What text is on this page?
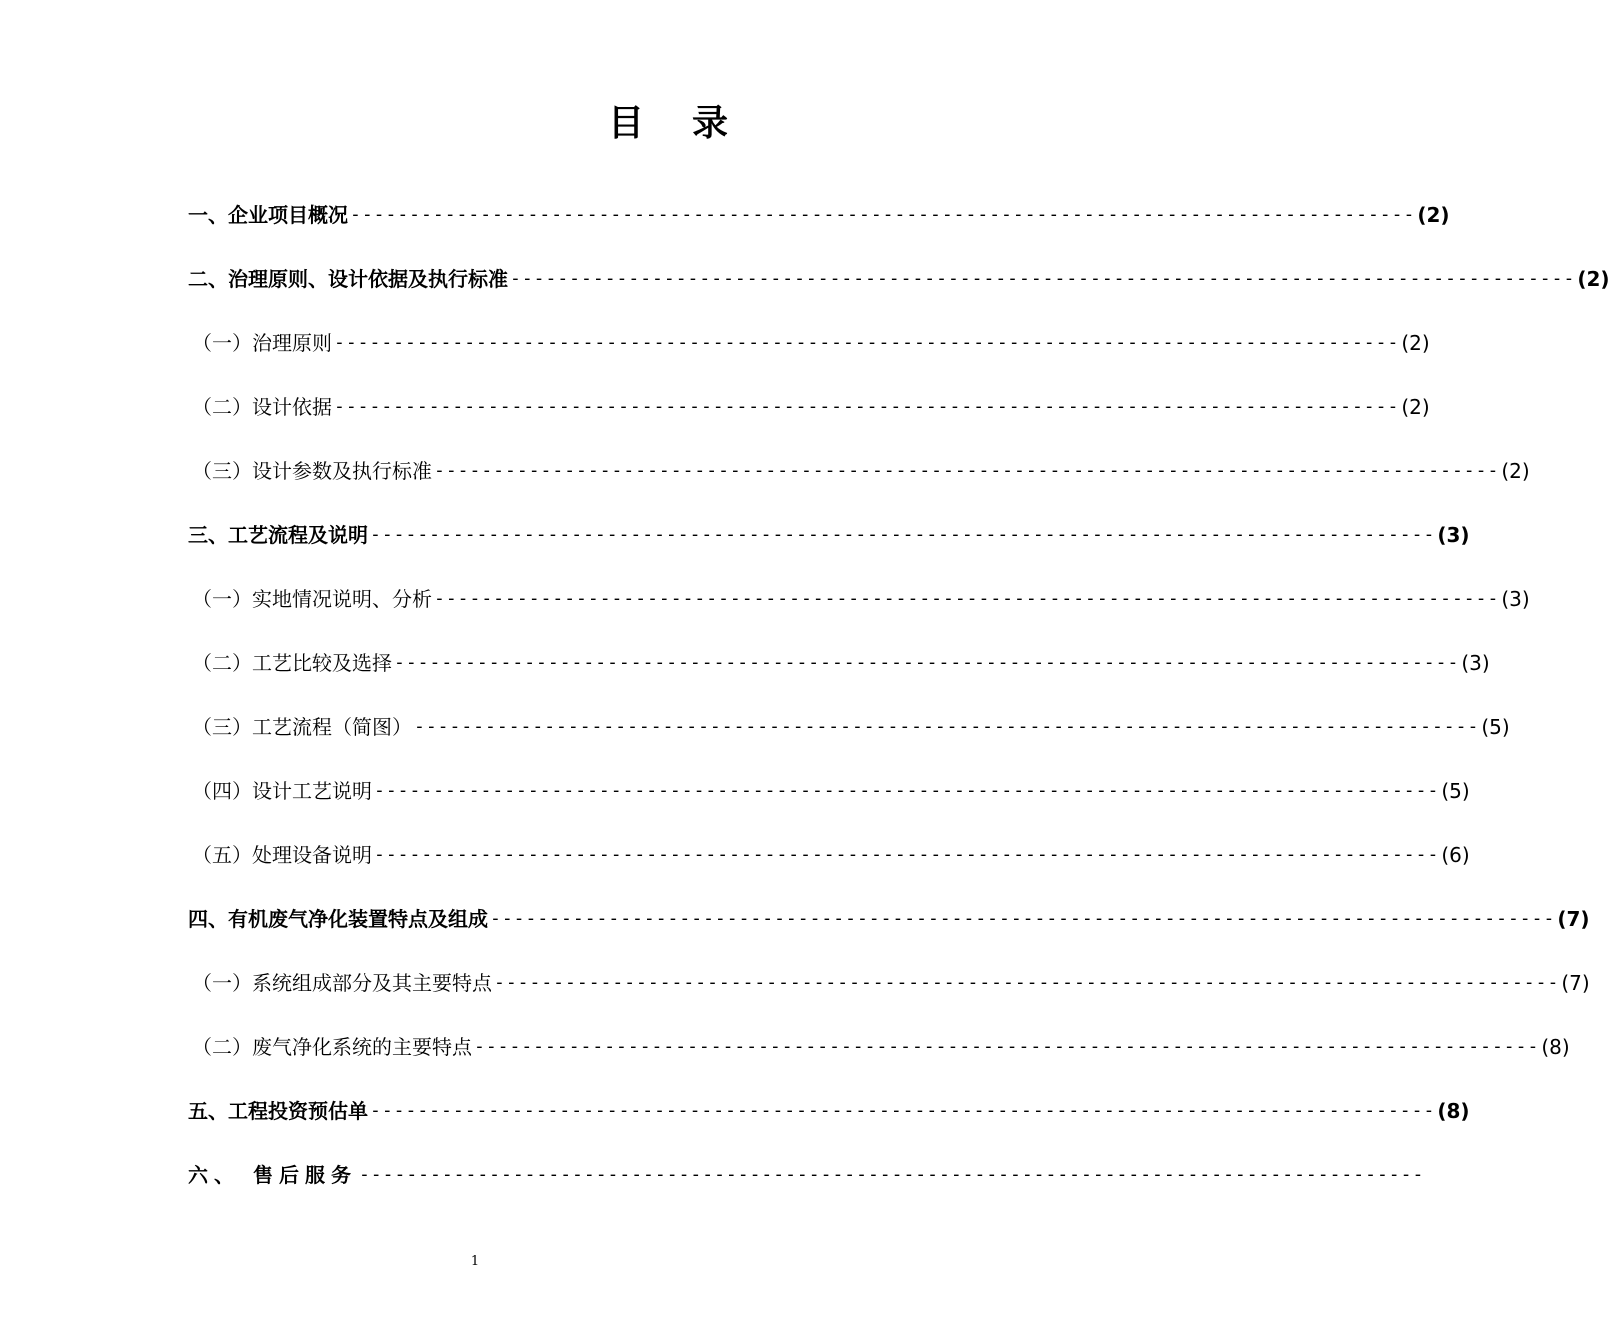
目录
一、企业项目概况 ------------------------------------------------------------------------------------------ (2)
二、治理原则、设计依据及执行标准 ------------------------------------------------------------------------------------------ (2)
（一）治理原则 ------------------------------------------------------------------------------------------ (2)
（二）设计依据 ------------------------------------------------------------------------------------------ (2)
（三）设计参数及执行标准 ------------------------------------------------------------------------------------------ (2)
三、工艺流程及说明 ------------------------------------------------------------------------------------------ (3)
（一）实地情况说明、分析 ------------------------------------------------------------------------------------------ (3)
（二）工艺比较及选择 ------------------------------------------------------------------------------------------ (3)
（三）工艺流程（简图） ------------------------------------------------------------------------------------------ (5)
（四）设计工艺说明 ------------------------------------------------------------------------------------------ (5)
（五）处理设备说明 ------------------------------------------------------------------------------------------ (6)
四、有机废气净化装置特点及组成 ------------------------------------------------------------------------------------------ (7)
（一）系统组成部分及其主要特点 ------------------------------------------------------------------------------------------ (7)
（二）废气净化系统的主要特点 ------------------------------------------------------------------------------------------ (8)
五、工程投资预估单 ------------------------------------------------------------------------------------------ (8)
六、 售后服务 ------------------------------------------------------------------------------------------
1
